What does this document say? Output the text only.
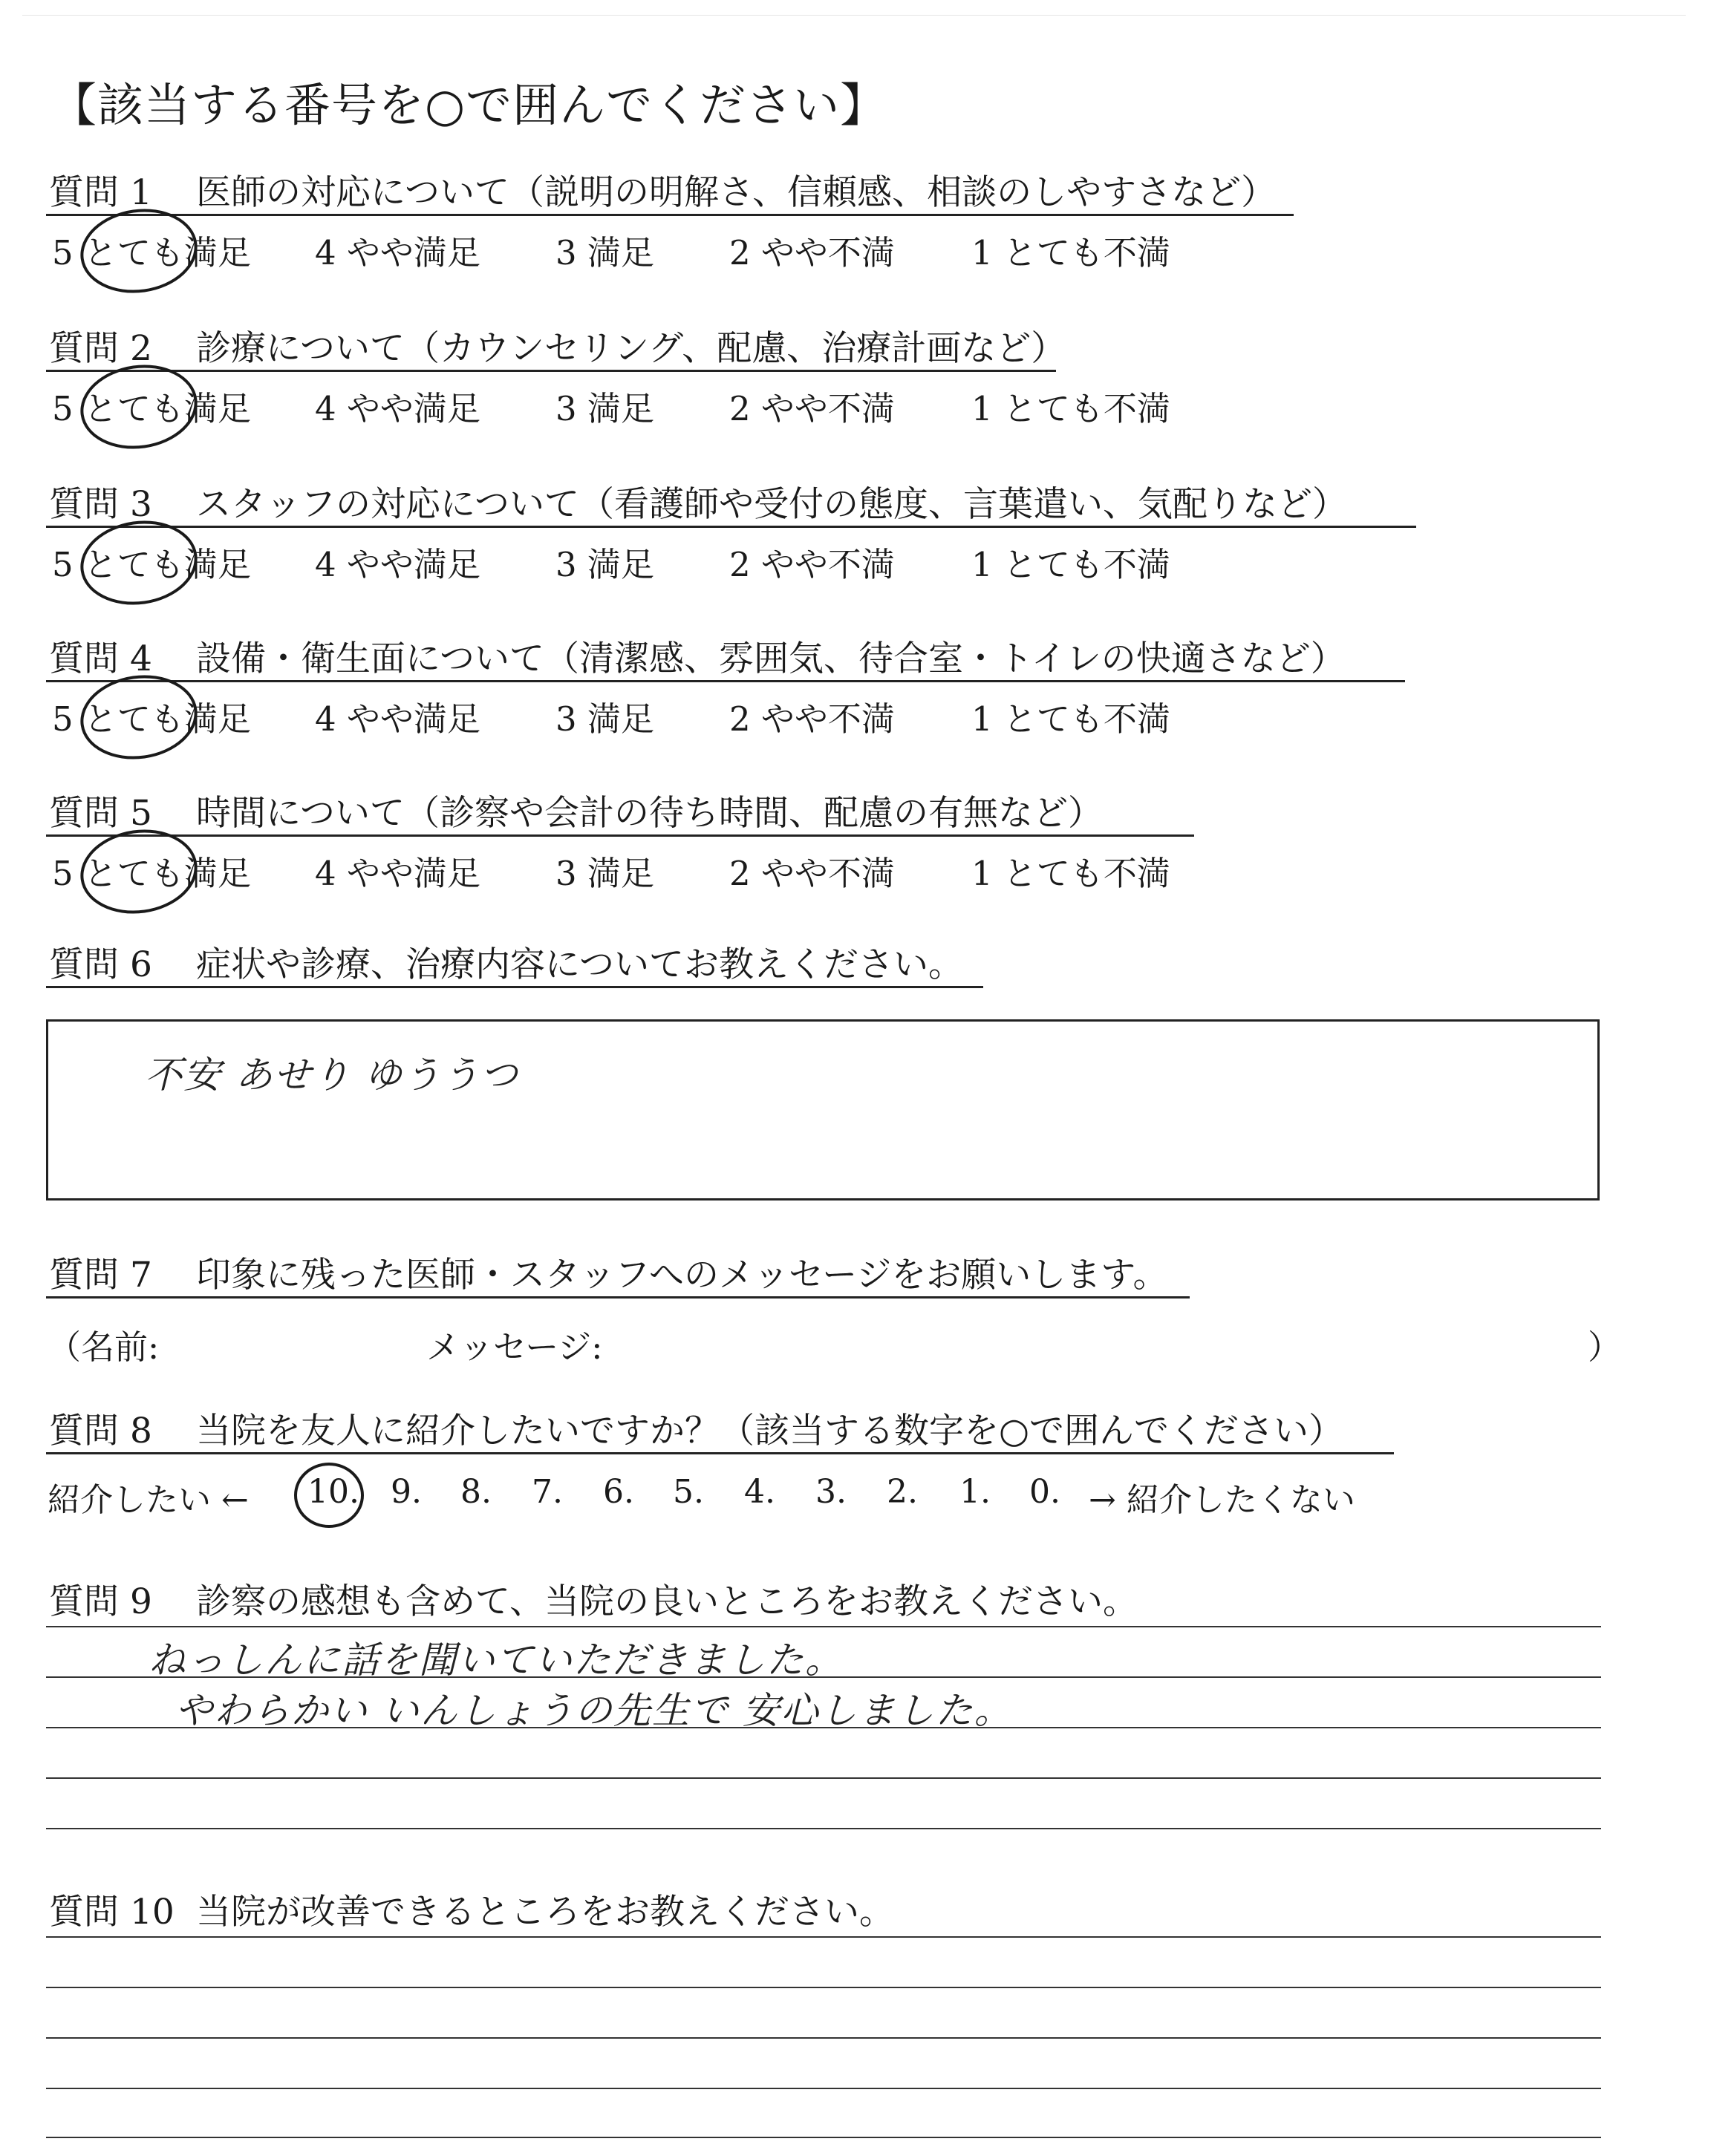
【該当する番号を○で囲んでください】
質問 1 医師の対応について（説明の明解さ、信頼感、相談のしやすさなど）
5 とても満足 4 やや満足 3 満足 2 やや不満 1 とても不満
質問 2 診療について（カウンセリング、配慮、治療計画など）
5 とても満足 4 やや満足 3 満足 2 やや不満 1 とても不満
質問 3 スタッフの対応について（看護師や受付の態度、言葉遣い、気配りなど）
5 とても満足 4 やや満足 3 満足 2 やや不満 1 とても不満
質問 4 設備・衛生面について（清潔感、雰囲気、待合室・トイレの快適さなど）
5 とても満足 4 やや満足 3 満足 2 やや不満 1 とても不満
質問 5 時間について（診察や会計の待ち時間、配慮の有無など）
5 とても満足 4 やや満足 3 満足 2 やや不満 1 とても不満
質問 6 症状や診療、治療内容についてお教えください。
不安 あせり ゆううつ
質問 7 印象に残った医師・スタッフへのメッセージをお願いします。
（名前:	メッセージ:	）
質問 8 当院を友人に紹介したいですか？（該当する数字を○で囲んでください）
紹介したい ← 10. 9. 8. 7. 6. 5. 4. 3. 2. 1. 0. → 紹介したくない
質問 9 診察の感想も含めて、当院の良いところをお教えください。
ねっしんに話を聞いていただきました。
やわらかい いんしょうの先生で 安心しました。
質問 10 当院が改善できるところをお教えください。
